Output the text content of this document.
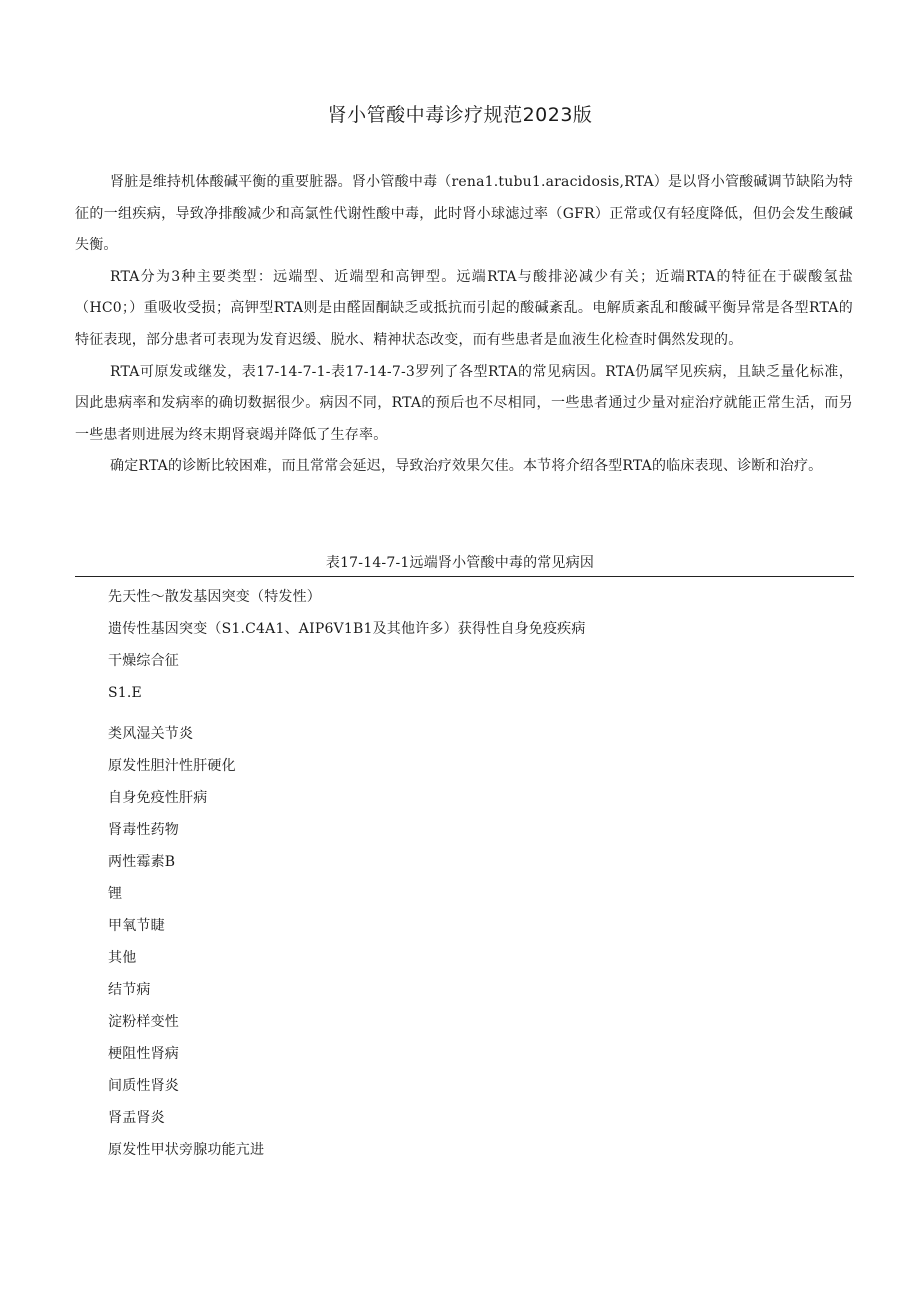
肾小管酸中毒诊疗规范2023版

肾脏是维持机体酸碱平衡的重要脏器。肾小管酸中毒（rena1.tubu1.aracidosis,RTA）是以肾小管酸碱调节缺陷为特征的一组疾病，导致净排酸减少和高氯性代谢性酸中毒，此时肾小球滤过率（GFR）正常或仅有轻度降低，但仍会发生酸碱失衡。

RTA分为3种主要类型：远端型、近端型和高钾型。远端RTA与酸排泌减少有关；近端RTA的特征在于碳酸氢盐（HC0；）重吸收受损；高钾型RTA则是由醛固酮缺乏或抵抗而引起的酸碱紊乱。电解质紊乱和酸碱平衡异常是各型RTA的特征表现，部分患者可表现为发育迟缓、脱水、精神状态改变，而有些患者是血液生化检查时偶然发现的。

RTA可原发或继发，表17-14-7-1-表17-14-7-3罗列了各型RTA的常见病因。RTA仍属罕见疾病，且缺乏量化标准，因此患病率和发病率的确切数据很少。病因不同，RTA的预后也不尽相同，一些患者通过少量对症治疗就能正常生活，而另一些患者则进展为终末期肾衰竭并降低了生存率。

确定RTA的诊断比较困难，而且常常会延迟，导致治疗效果欠佳。本节将介绍各型RTA的临床表现、诊断和治疗。

表17-14-7-1远端肾小管酸中毒的常见病因
先天性～散发基因突变（特发性）
遗传性基因突变（S1.C4A1、AIP6V1B1及其他许多）获得性自身免疫疾病
干燥综合征
S1.E
类风湿关节炎
原发性胆汁性肝硬化
自身免疫性肝病
肾毒性药物
两性霉素B
锂
甲氧节睫
其他
结节病
淀粉样变性
梗阻性肾病
间质性肾炎
肾盂肾炎
原发性甲状旁腺功能亢进
